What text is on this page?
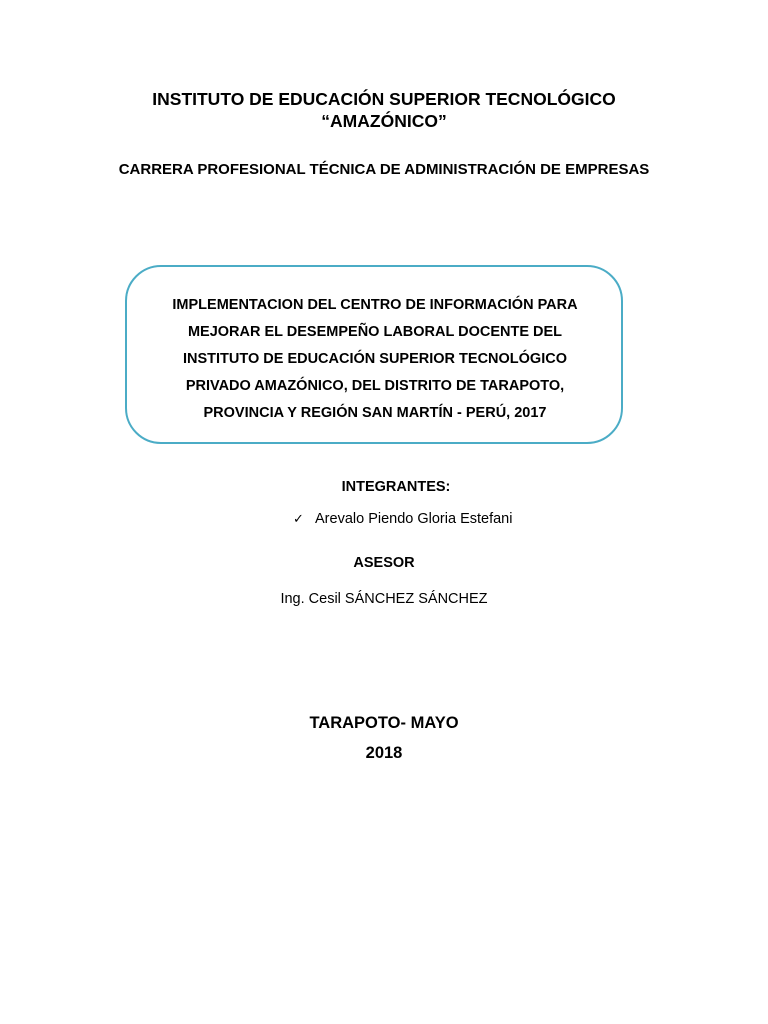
INSTITUTO DE EDUCACIÓN SUPERIOR TECNOLÓGICO
“AMAZÓNICO”
CARRERA PROFESIONAL TÉCNICA DE ADMINISTRACIÓN DE EMPRESAS
IMPLEMENTACION DEL CENTRO DE INFORMACIÓN PARA
MEJORAR EL DESEMPEÑO LABORAL DOCENTE DEL
INSTITUTO DE EDUCACIÓN SUPERIOR TECNOLÓGICO
PRIVADO AMAZÓNICO, DEL DISTRITO DE TARAPOTO,
PROVINCIA Y REGIÓN SAN MARTÍN - PERÚ, 2017
INTEGRANTES:
✓ Arevalo Piendo Gloria Estefani
ASESOR
Ing. Cesil SÁNCHEZ SÁNCHEZ
TARAPOTO- MAYO
2018
